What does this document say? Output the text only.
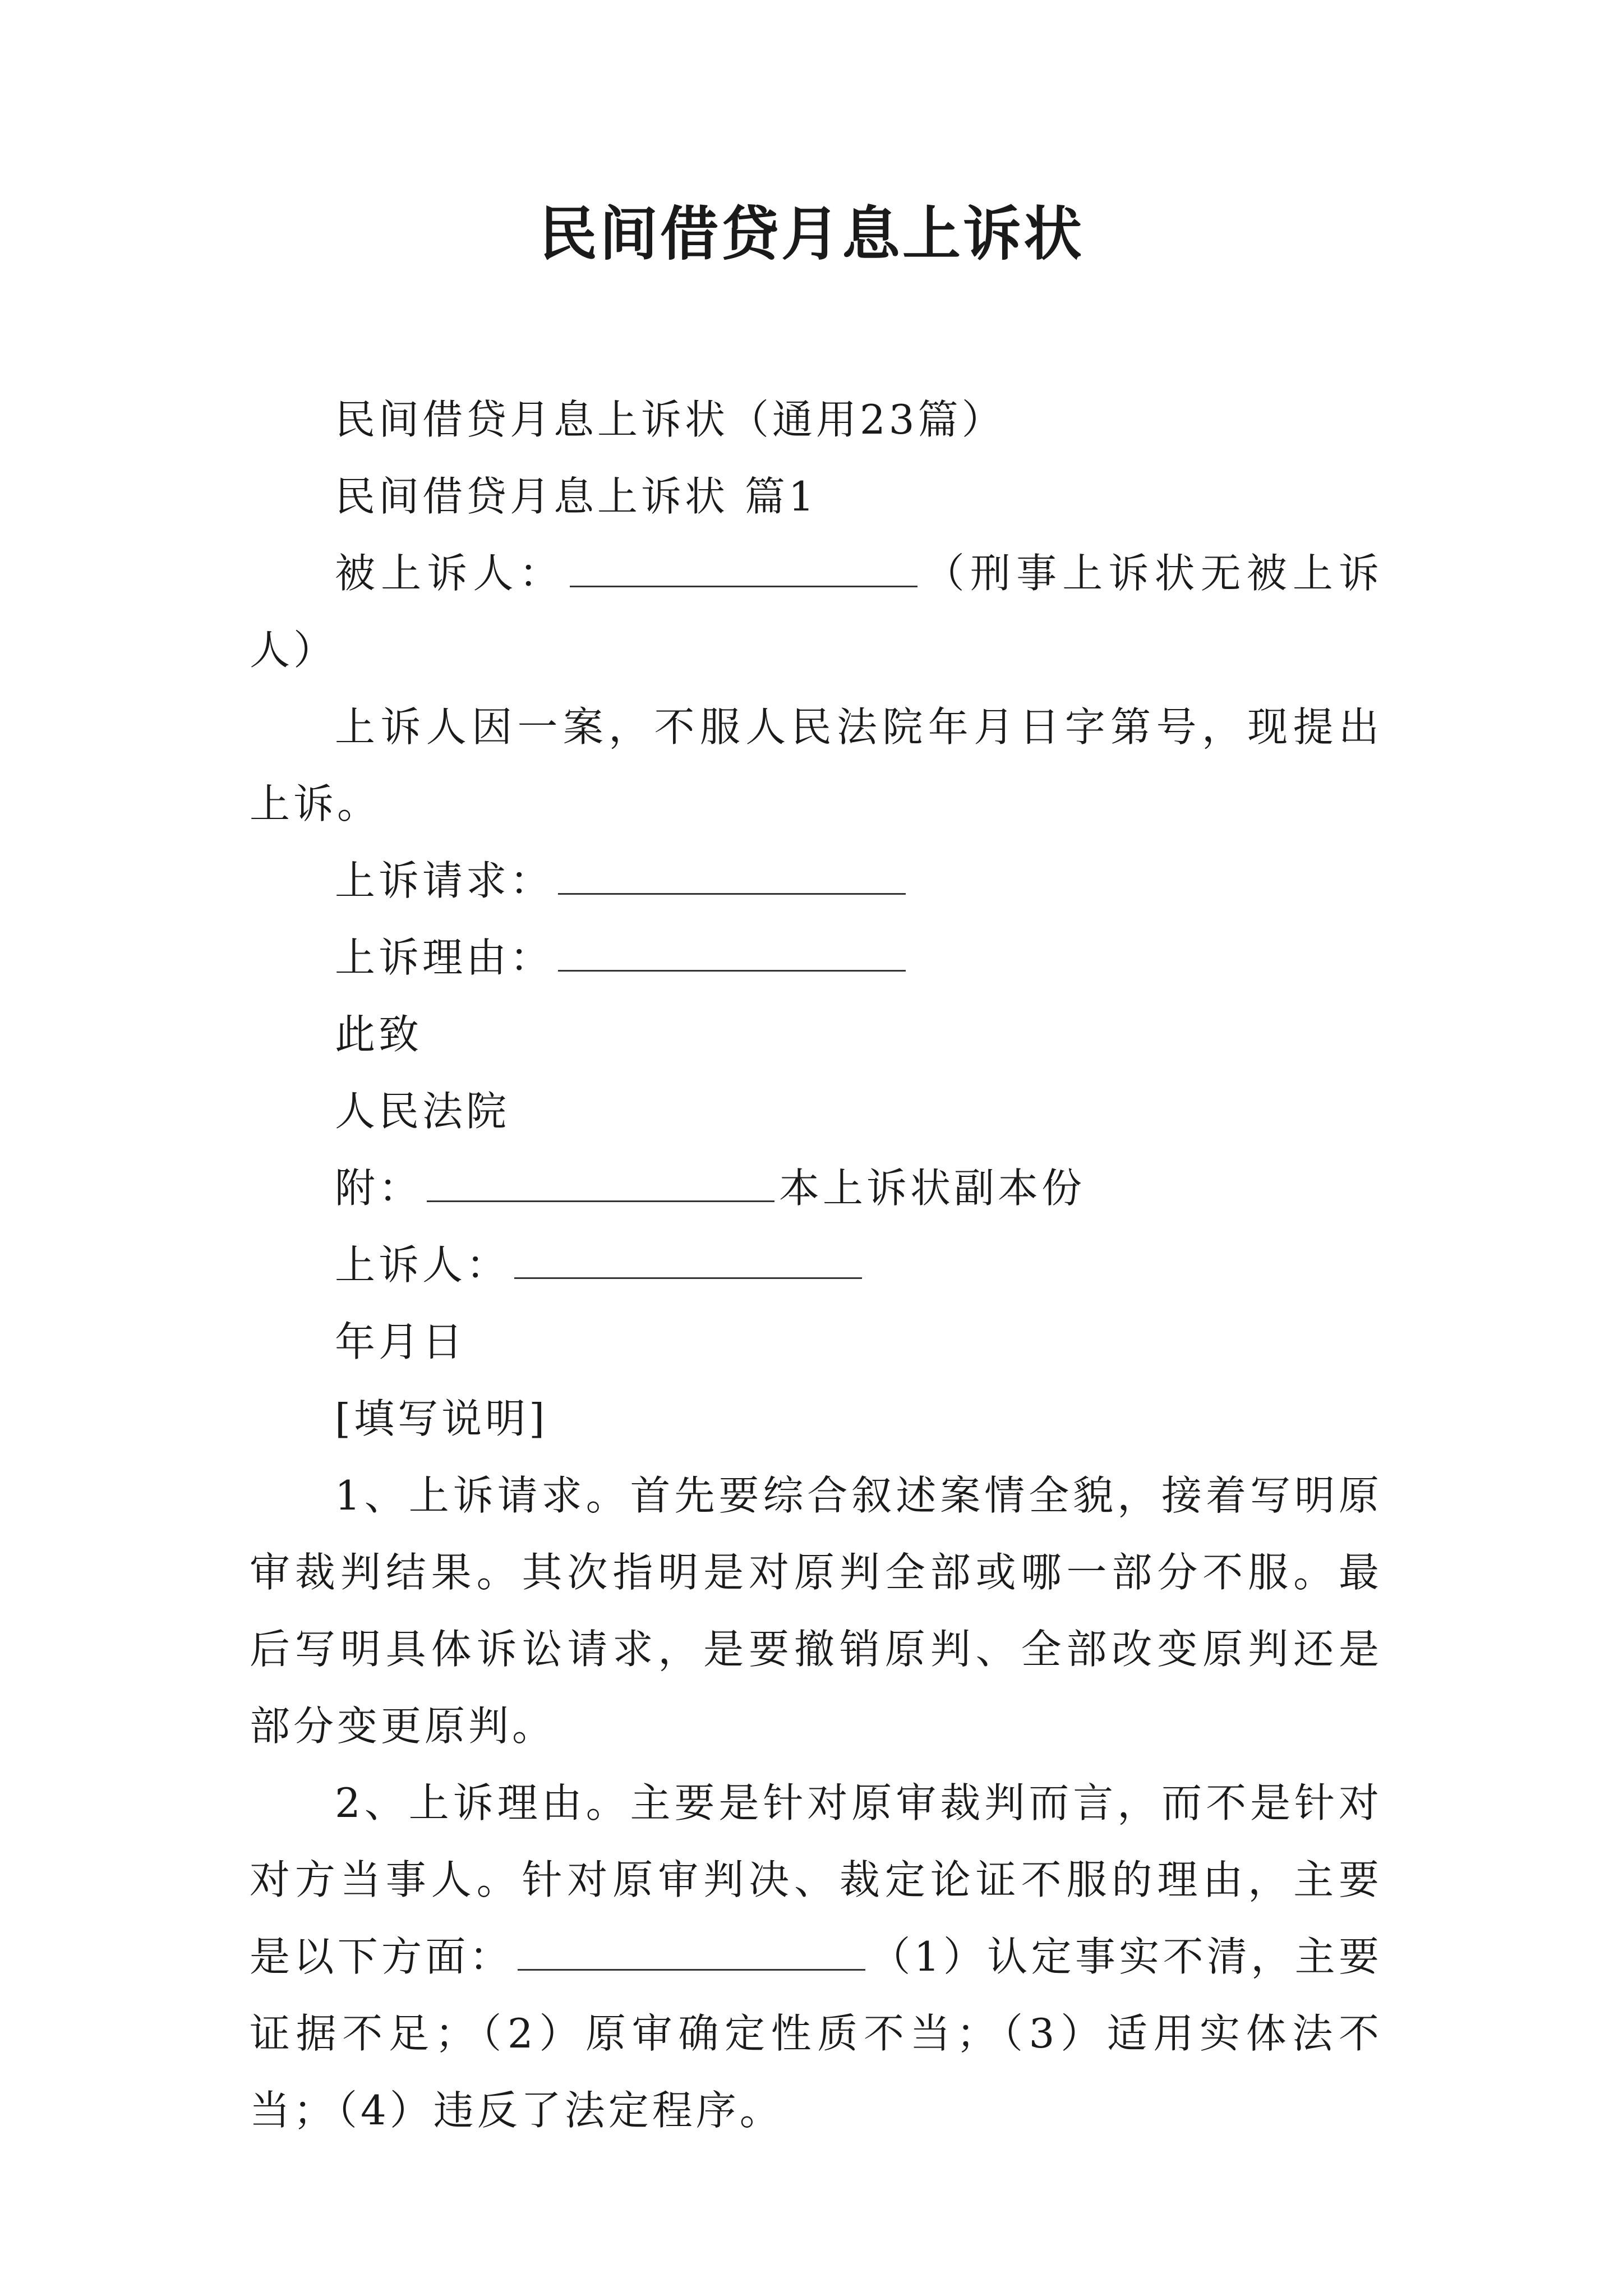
民间借贷月息上诉状

民间借贷月息上诉状（通用23篇）

民间借贷月息上诉状 篇1

被上诉人：	（刑事上诉状无被上诉人）

上诉人因一案，不服人民法院年月日字第号，现提出上诉。

上诉请求：

上诉理由：

此致

人民法院

附：	本上诉状副本份

上诉人：

年月日

[填写说明]

1、上诉请求。首先要综合叙述案情全貌，接着写明原审裁判结果。其次指明是对原判全部或哪一部分不服。最后写明具体诉讼请求，是要撤销原判、全部改变原判还是部分变更原判。

2、上诉理由。主要是针对原审裁判而言，而不是针对对方当事人。针对原审判决、裁定论证不服的理由，主要是以下方面：	（1）认定事实不清，主要证据不足；（2）原审确定性质不当；（3）适用实体法不当；（4）违反了法定程序。
